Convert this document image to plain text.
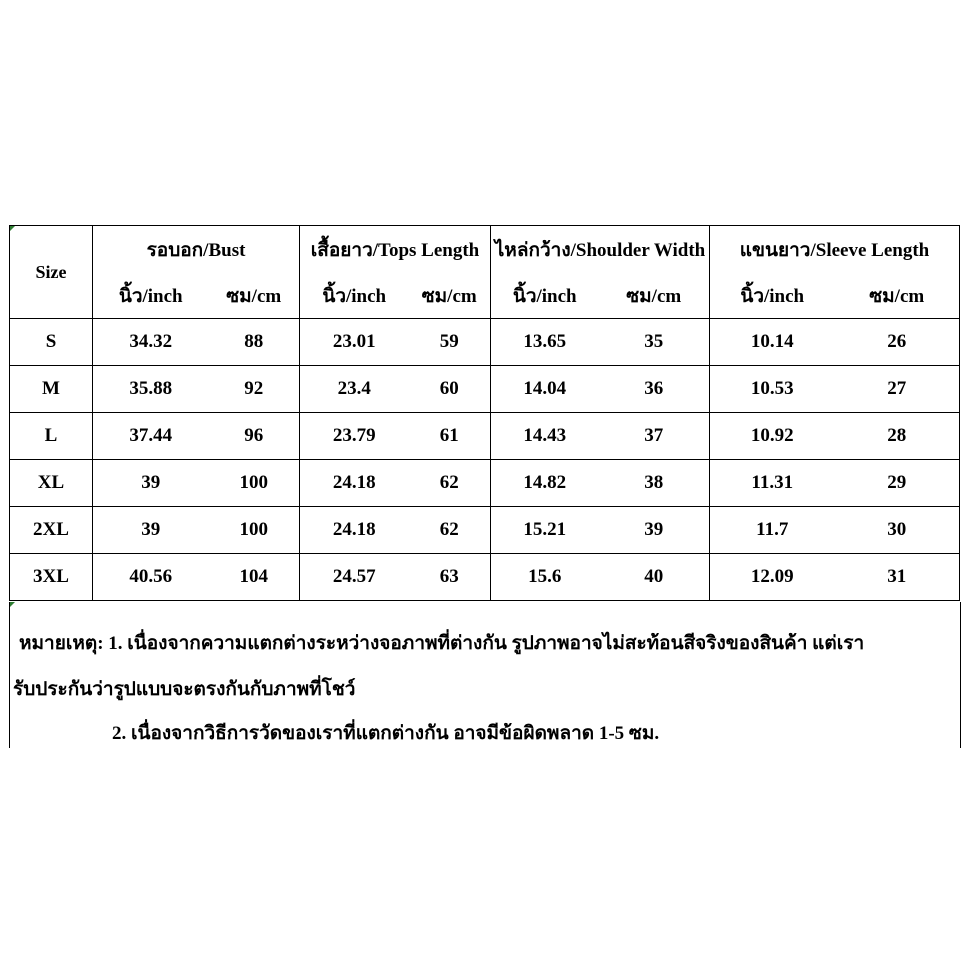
Size	รอบอก/Bust		เสื้อยาว/Tops Length		ไหล่กว้าง/Shoulder Width		แขนยาว/Sleeve Length	
	นิ้ว/inch	ซม/cm	นิ้ว/inch	ซม/cm	นิ้ว/inch	ซม/cm	นิ้ว/inch	ซม/cm
S	34.32	88	23.01	59	13.65	35	10.14	26
M	35.88	92	23.4	60	14.04	36	10.53	27
L	37.44	96	23.79	61	14.43	37	10.92	28
XL	39	100	24.18	62	14.82	38	11.31	29
2XL	39	100	24.18	62	15.21	39	11.7	30
3XL	40.56	104	24.57	63	15.6	40	12.09	31
หมายเหตุ: 1. เนื่องจากความแตกต่างระหว่างจอภาพที่ต่างกัน รูปภาพอาจไม่สะท้อนสีจริงของสินค้า แต่เรา
รับประกันว่ารูปแบบจะตรงกันกับภาพที่โชว์
2. เนื่องจากวิธีการวัดของเราที่แตกต่างกัน อาจมีข้อผิดพลาด 1-5 ซม.
